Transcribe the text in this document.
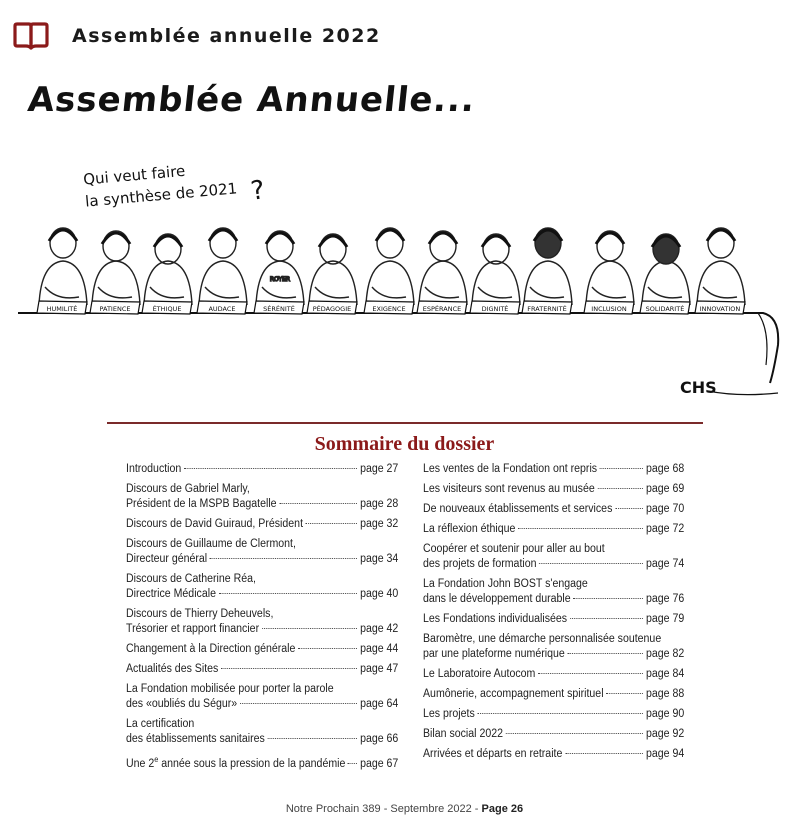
Assemblée annuelle 2022
Assemblée Annuelle...
Qui veut faire
la synthèse de 2021 ?
ROYER
HUMILITÉ	PATIENCE	ÉTHIQUE	AUDACE	SÉRÉNITÉ	PÉDAGOGIE	EXIGENCE	ESPÉRANCE	DIGNITÉ	FRATERNITÉ	INCLUSION	SOLIDARITÉ INNOVATION
CHS
Sommaire du dossier
Introduction	page 27
Discours de Gabriel Marly,
Président de la MSPB Bagatelle	page 28
Discours de David Guiraud, Président	page 32
Discours de Guillaume de Clermont,
Directeur général	page 34
Discours de Catherine Réa,
Directrice Médicale	page 40
Discours de Thierry Deheuvels,
Trésorier et rapport financier	page 42
Changement à la Direction générale	page 44
Actualités des Sites	page 47
La Fondation mobilisée pour porter la parole
des «oubliés du Ségur»	page 64
La certification
des établissements sanitaires	page 66
Une 2e année sous la pression de la pandémie page 67
Les ventes de la Fondation ont repris	page 68
Les visiteurs sont revenus au musée	page 69
De nouveaux établissements et services	page 70
La réflexion éthique	page 72
Coopérer et soutenir pour aller au bout
des projets de formation	page 74
La Fondation John BOST s'engage
dans le développement durable	page 76
Les Fondations individualisées	page 79
Baromètre, une démarche personnalisée soutenue
par une plateforme numérique	page 82
Le Laboratoire Autocom	page 84
Aumônerie, accompagnement spirituel	page 88
Les projets	page 90
Bilan social 2022	page 92
Arrivées et départs en retraite	page 94
Notre Prochain 389 - Septembre 2022 - Page 26
